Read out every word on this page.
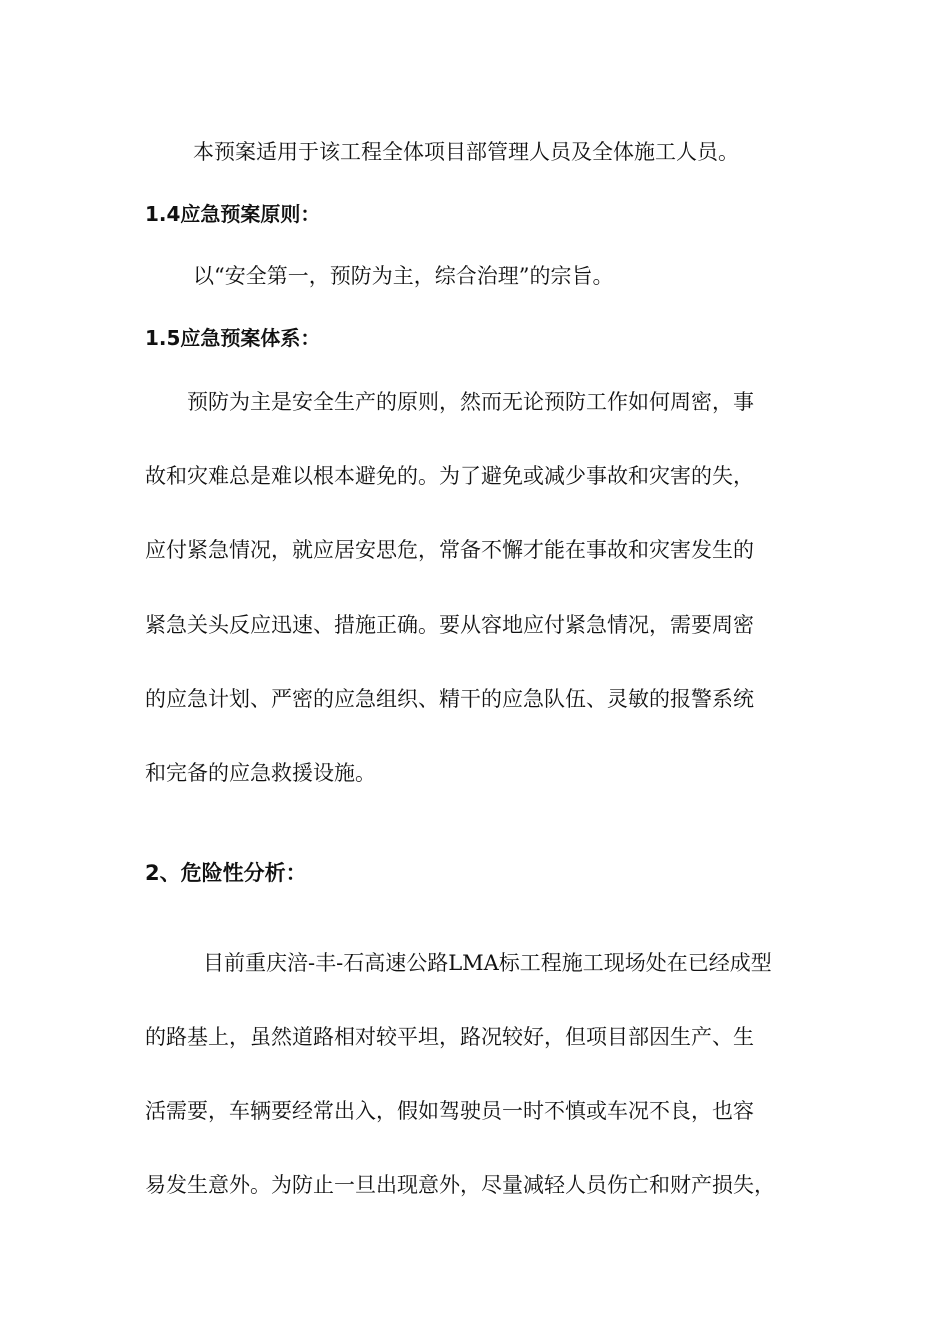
本预案适用于该工程全体项目部管理人员及全体施工人员。
1.4应急预案原则：
以“安全第一，预防为主，综合治理”的宗旨。
1.5应急预案体系：
预防为主是安全生产的原则，然而无论预防工作如何周密，事
故和灾难总是难以根本避免的。为了避免或减少事故和灾害的失，
应付紧急情况，就应居安思危，常备不懈才能在事故和灾害发生的
紧急关头反应迅速、措施正确。要从容地应付紧急情况，需要周密
的应急计划、严密的应急组织、精干的应急队伍、灵敏的报警系统
和完备的应急救援设施。
2、危险性分析：
目前重庆涪-丰-石高速公路LMA标工程施工现场处在已经成型
的路基上，虽然道路相对较平坦，路况较好，但项目部因生产、生
活需要，车辆要经常出入，假如驾驶员一时不慎或车况不良，也容
易发生意外。为防止一旦出现意外，尽量减轻人员伤亡和财产损失，
